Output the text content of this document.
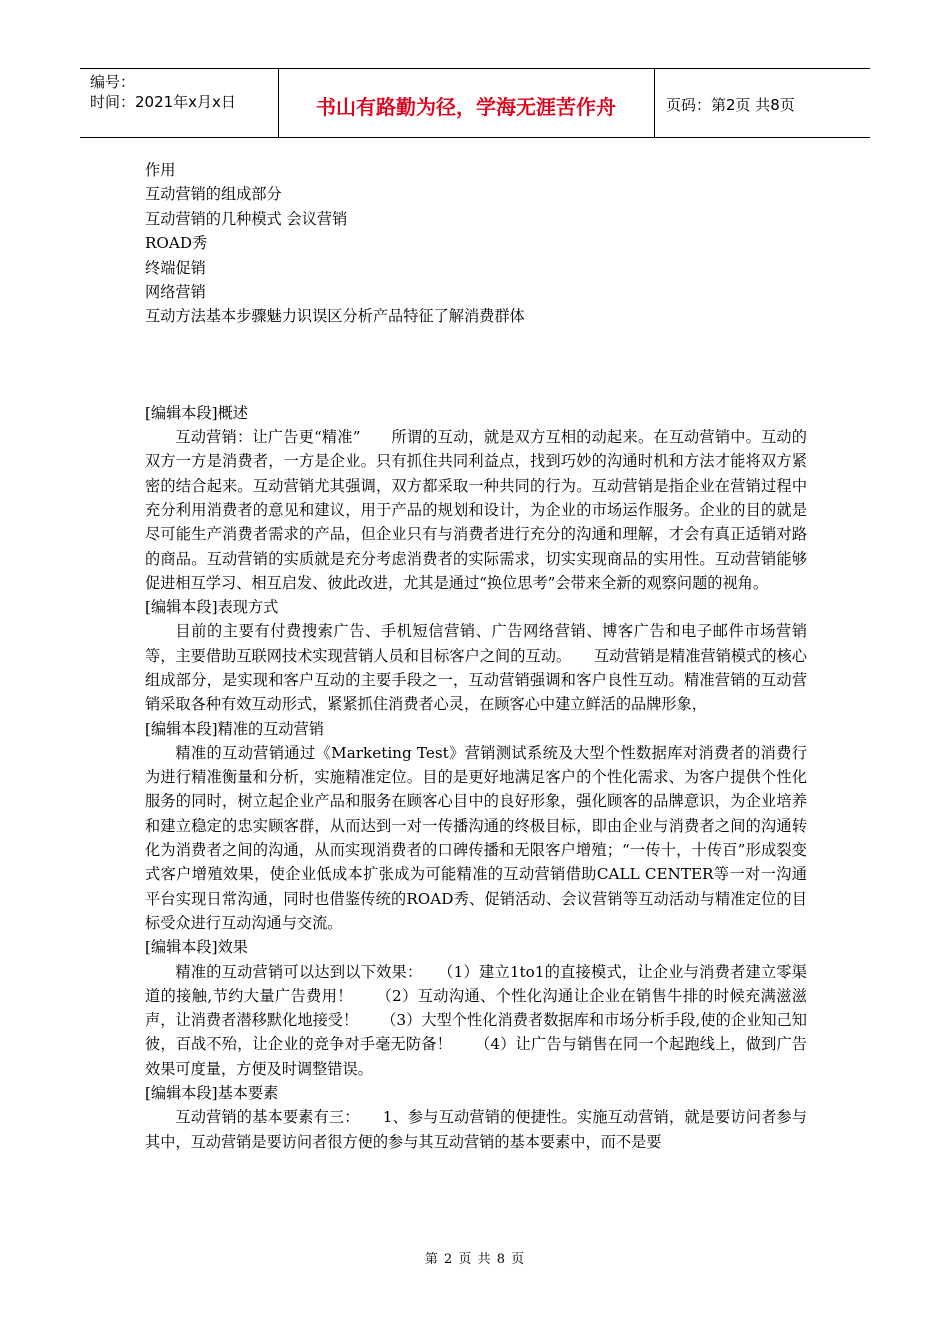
编号：
时间：2021年x月x日	书山有路勤为径，学海无涯苦作舟	页码：第2页 共8页
作用
互动营销的组成部分
互动营销的几种模式 会议营销
ROAD秀
终端促销
网络营销
互动方法基本步骤魅力识误区分析产品特征了解消费群体
[编辑本段]概述
互动营销：让广告更“精准”　　所谓的互动，就是双方互相的动起来。在互动营销中。互动的双方一方是消费者，一方是企业。只有抓住共同利益点，找到巧妙的沟通时机和方法才能将双方紧密的结合起来。互动营销尤其强调，双方都采取一种共同的行为。互动营销是指企业在营销过程中充分利用消费者的意见和建议，用于产品的规划和设计，为企业的市场运作服务。企业的目的就是尽可能生产消费者需求的产品，但企业只有与消费者进行充分的沟通和理解，才会有真正适销对路的商品。互动营销的实质就是充分考虑消费者的实际需求，切实实现商品的实用性。互动营销能够促进相互学习、相互启发、彼此改进，尤其是通过“换位思考”会带来全新的观察问题的视角。
[编辑本段]表现方式
目前的主要有付费搜索广告、手机短信营销、广告网络营销、博客广告和电子邮件市场营销等，主要借助互联网技术实现营销人员和目标客户之间的互动。　　互动营销是精准营销模式的核心组成部分，是实现和客户互动的主要手段之一，互动营销强调和客户良性互动。精准营销的互动营销采取各种有效互动形式，紧紧抓住消费者心灵，在顾客心中建立鲜活的品牌形象，
[编辑本段]精准的互动营销
精准的互动营销通过《Marketing Test》营销测试系统及大型个性数据库对消费者的消费行为进行精准衡量和分析，实施精准定位。目的是更好地满足客户的个性化需求、为客户提供个性化服务的同时，树立起企业产品和服务在顾客心目中的良好形象，强化顾客的品牌意识，为企业培养和建立稳定的忠实顾客群，从而达到一对一传播沟通的终极目标，即由企业与消费者之间的沟通转化为消费者之间的沟通，从而实现消费者的口碑传播和无限客户增殖；“一传十，十传百”形成裂变式客户增殖效果，使企业低成本扩张成为可能精准的互动营销借助CALL CENTER等一对一沟通平台实现日常沟通，同时也借鉴传统的ROAD秀、促销活动、会议营销等互动活动与精准定位的目标受众进行互动沟通与交流。
[编辑本段]效果
精准的互动营销可以达到以下效果：　　（1）建立1to1的直接模式，让企业与消费者建立零渠道的接触,节约大量广告费用！　　（2）互动沟通、个性化沟通让企业在销售牛排的时候充满滋滋声，让消费者潜移默化地接受！　　（3）大型个性化消费者数据库和市场分析手段,使的企业知己知彼，百战不殆，让企业的竞争对手毫无防备！　　（4）让广告与销售在同一个起跑线上，做到广告效果可度量，方便及时调整错误。
[编辑本段]基本要素
互动营销的基本要素有三：　　1、参与互动营销的便捷性。实施互动营销，就是要访问者参与其中，互动营销是要访问者很方便的参与其互动营销的基本要素中，而不是要
第 2 页 共 8 页
